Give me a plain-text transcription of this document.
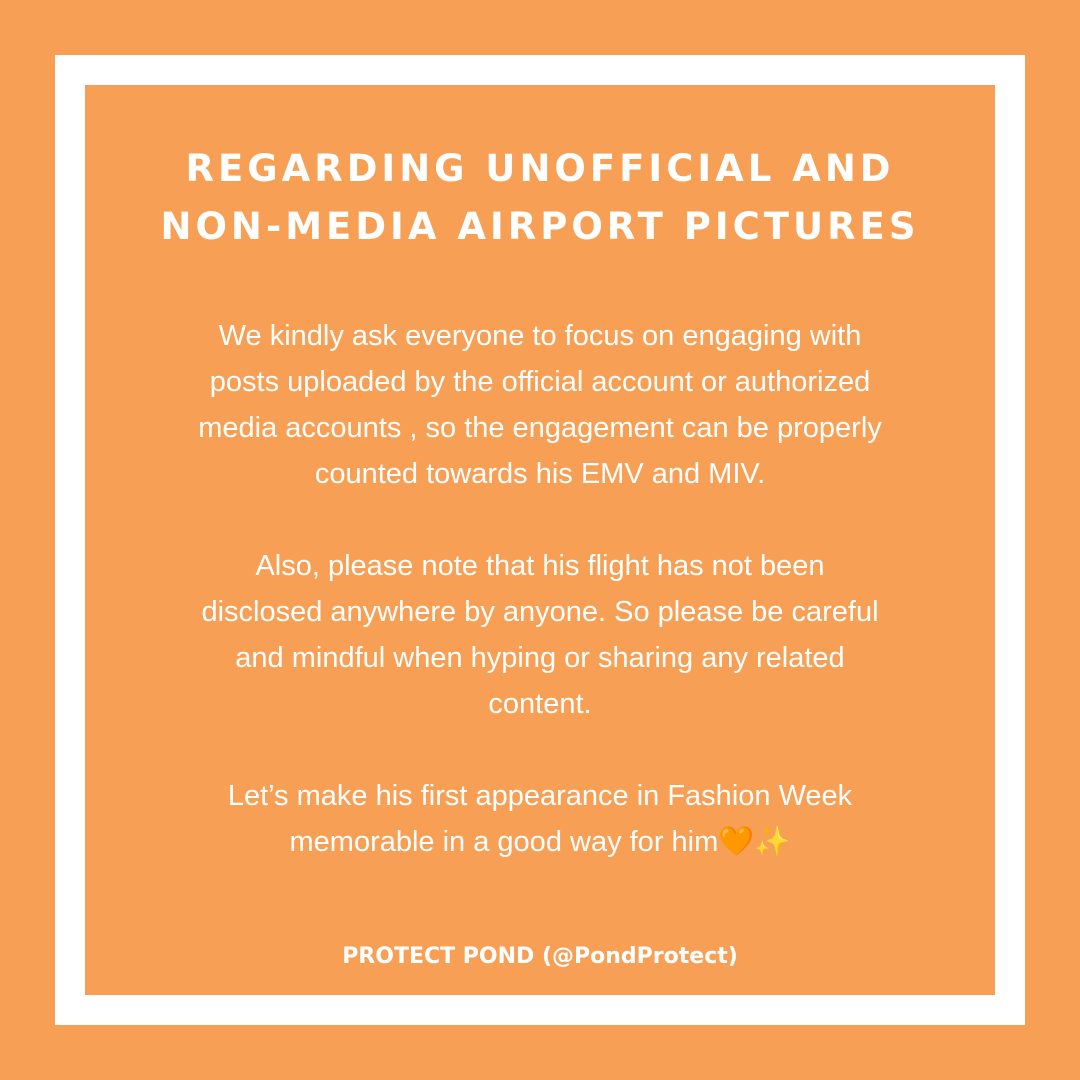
REGARDING UNOFFICIAL AND
NON-MEDIA AIRPORT PICTURES

We kindly ask everyone to focus on engaging with
posts uploaded by the official account or authorized
media accounts , so the engagement can be properly
counted towards his EMV and MIV.

Also, please note that his flight has not been
disclosed anywhere by anyone. So please be careful
and mindful when hyping or sharing any related
content.

Let’s make his first appearance in Fashion Week
memorable in a good way for him🧡✨

PROTECT POND (@PondProtect)
